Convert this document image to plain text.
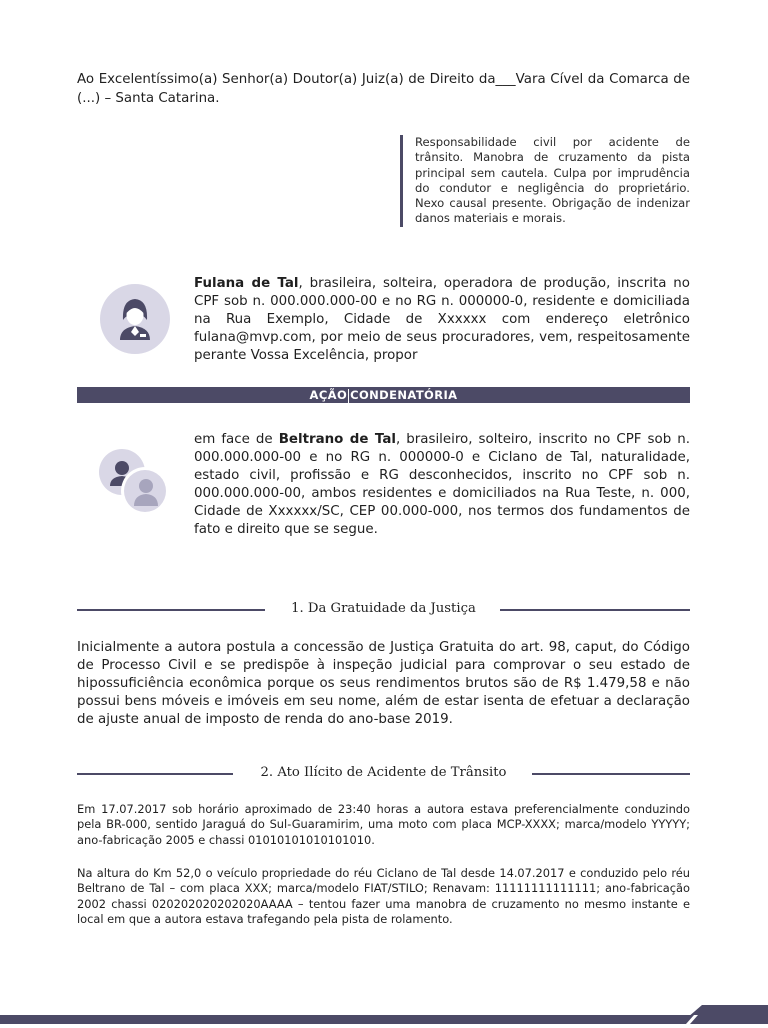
Ao Excelentíssimo(a) Senhor(a) Doutor(a) Juiz(a) de Direito da___Vara Cível da Comarca de (...) – Santa Catarina.
Responsabilidade civil por acidente de trânsito. Manobra de cruzamento da pista principal sem cautela. Culpa por imprudência do condutor e negligência do proprietário. Nexo causal presente. Obrigação de indenizar danos materiais e morais.
Fulana de Tal, brasileira, solteira, operadora de produção, inscrita no CPF sob n. 000.000.000-00 e no RG n. 000000-0, residente e domiciliada na Rua Exemplo, Cidade de Xxxxxx com endereço eletrônico fulana@mvp.com, por meio de seus procuradores, vem, respeitosamente perante Vossa Excelência, propor
AÇÃO CONDENATÓRIA
em face de Beltrano de Tal, brasileiro, solteiro, inscrito no CPF sob n. 000.000.000-00 e no RG n. 000000-0 e Ciclano de Tal, naturalidade, estado civil, profissão e RG desconhecidos, inscrito no CPF sob n. 000.000.000-00, ambos residentes e domiciliados na Rua Teste, n. 000, Cidade de Xxxxxx/SC, CEP 00.000-000, nos termos dos fundamentos de fato e direito que se segue.
1. Da Gratuidade da Justiça
Inicialmente a autora postula a concessão de Justiça Gratuita do art. 98, caput, do Código de Processo Civil e se predispõe à inspeção judicial para comprovar o seu estado de hipossuficiência econômica porque os seus rendimentos brutos são de R$ 1.479,58 e não possui bens móveis e imóveis em seu nome, além de estar isenta de efetuar a declaração de ajuste anual de imposto de renda do ano-base 2019.
2. Ato Ilícito de Acidente de Trânsito
Em 17.07.2017 sob horário aproximado de 23:40 horas a autora estava preferencialmente conduzindo pela BR-000, sentido Jaraguá do Sul-Guaramirim, uma moto com placa MCP-XXXX; marca/modelo YYYYY; ano-fabricação 2005 e chassi 01010101010101010.
Na altura do Km 52,0 o veículo propriedade do réu Ciclano de Tal desde 14.07.2017 e conduzido pelo réu Beltrano de Tal – com placa XXX; marca/modelo FIAT/STILO; Renavam: 11111111111111; ano-fabricação 2002 chassi 020202020202020AAAA – tentou fazer uma manobra de cruzamento no mesmo instante e local em que a autora estava trafegando pela pista de rolamento.
